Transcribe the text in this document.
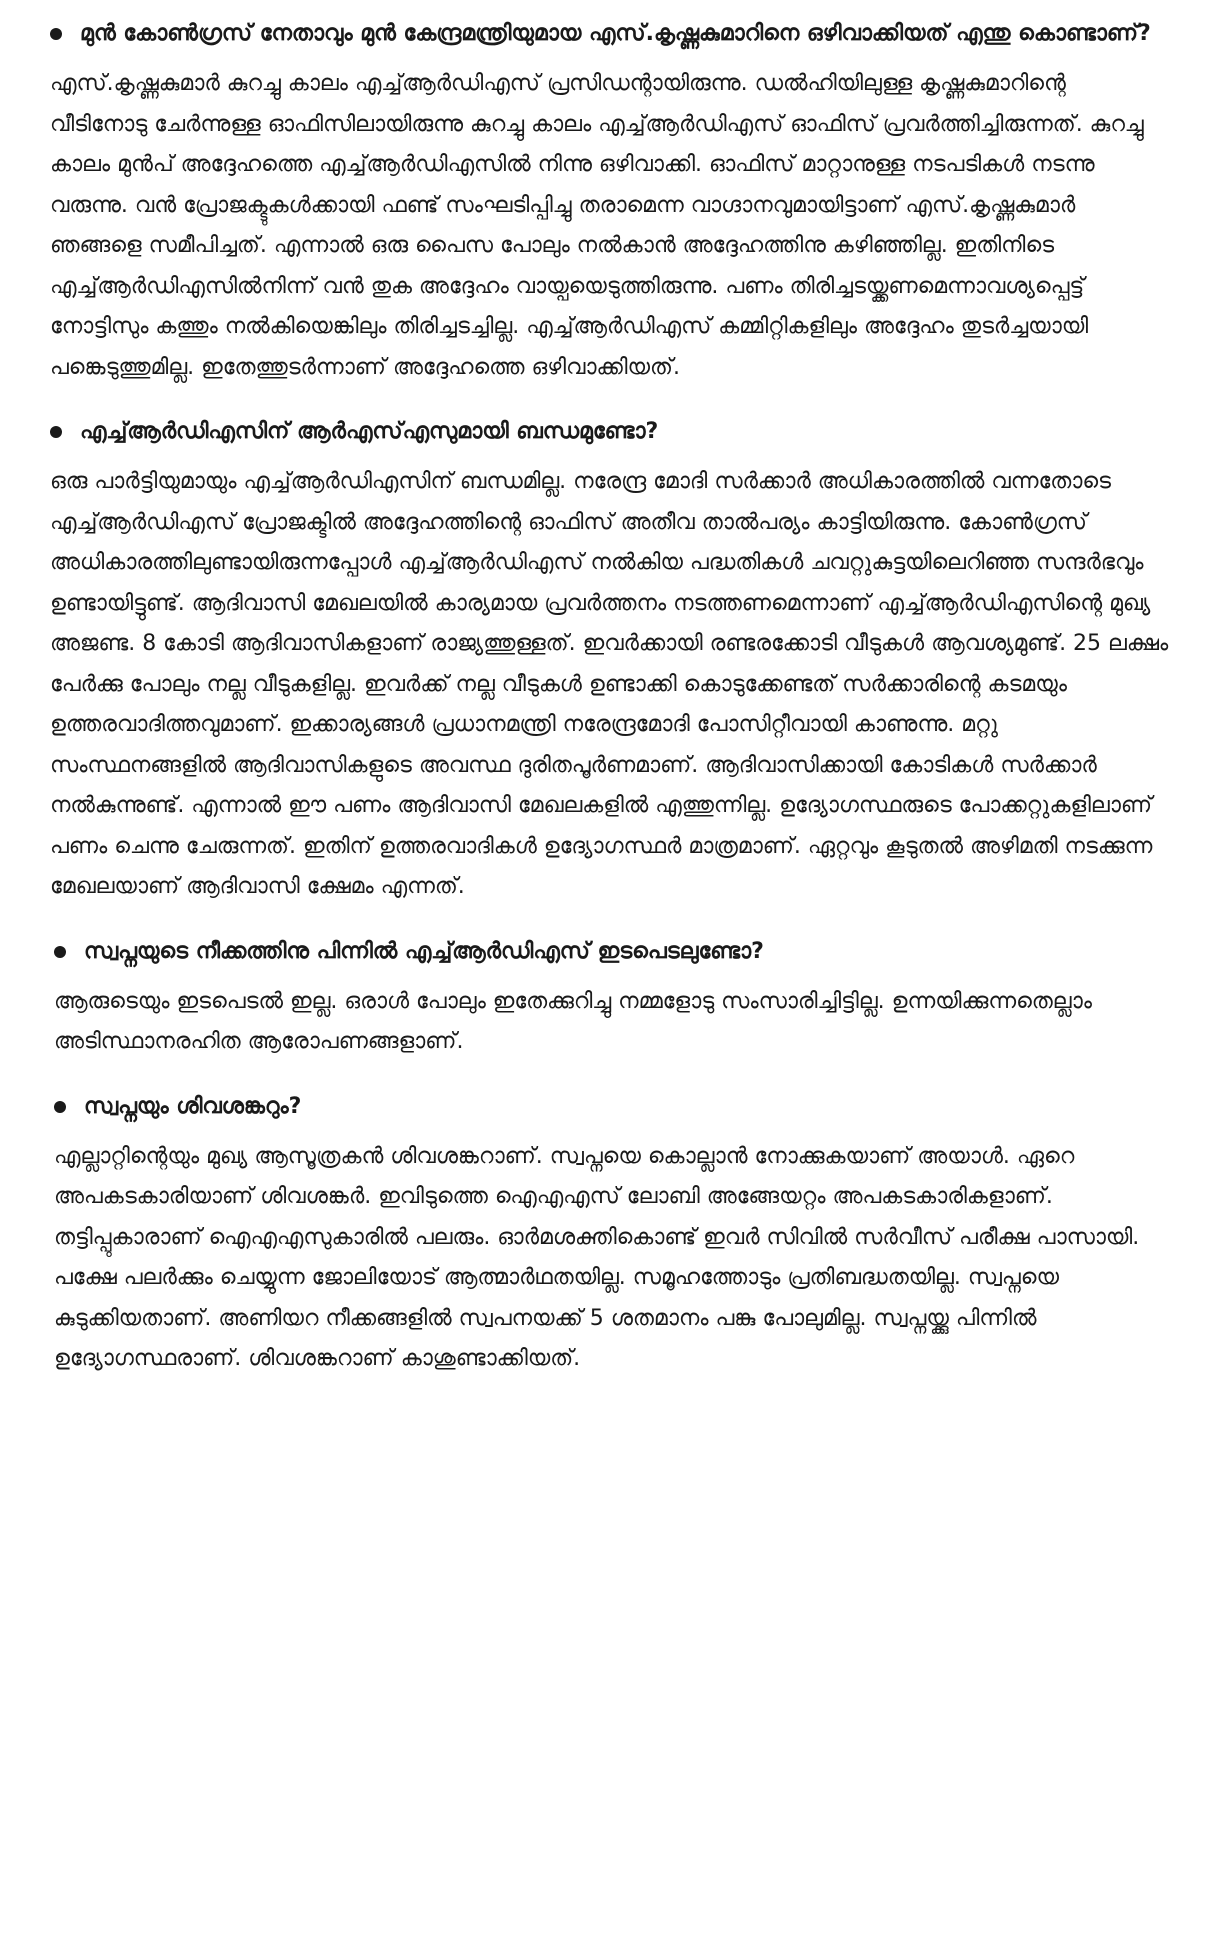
മുൻ കോൺഗ്രസ് നേതാവും മുൻ കേന്ദ്രമന്ത്രിയുമായ എസ്.കൃഷ്ണകുമാറിനെ ഒഴിവാക്കിയത് എന്തു കൊണ്ടാണ്?

എസ്.കൃഷ്ണകുമാർ കുറച്ചു കാലം എച്ച്ആർഡിഎസ് പ്രസിഡന്റായിരുന്നു. ഡൽഹിയിലുള്ള കൃഷ്ണകുമാറിന്റെ വീടിനോടു ചേർന്നുള്ള ഓഫിസിലായിരുന്നു കുറച്ചു കാലം എച്ച്ആർഡിഎസ് ഓഫിസ് പ്രവർത്തിച്ചിരുന്നത്. കുറച്ചു കാലം മുൻപ് അദ്ദേഹത്തെ എച്ച്ആർഡിഎസിൽ നിന്നു ഒഴിവാക്കി. ഓഫിസ് മാറ്റാനുള്ള നടപടികൾ നടന്നു വരുന്നു. വൻ പ്രോജക്ടുകൾക്കായി ഫണ്ട് സംഘടിപ്പിച്ചു തരാമെന്ന വാഗ്ദാനവുമായിട്ടാണ് എസ്.കൃഷ്ണകുമാർ ഞങ്ങളെ സമീപിച്ചത്. എന്നാൽ ഒരു പൈസ പോലും നൽകാൻ അദ്ദേഹത്തിനു കഴിഞ്ഞില്ല. ഇതിനിടെ എച്ച്ആർഡിഎസിൽനിന്ന് വൻ തുക അദ്ദേഹം വായ്പയെടുത്തിരുന്നു. പണം തിരിച്ചടയ്ക്കണമെന്നാവശ്യപ്പെട്ട് നോട്ടിസും കത്തും നൽകിയെങ്കിലും തിരിച്ചടച്ചില്ല. എച്ച്ആർഡിഎസ് കമ്മിറ്റികളിലും അദ്ദേഹം തുടർച്ചയായി പങ്കെടുത്തുമില്ല. ഇതേത്തുടർന്നാണ് അദ്ദേഹത്തെ ഒഴിവാക്കിയത്.

എച്ച്ആർഡിഎസിന് ആർഎസ്എസുമായി ബന്ധമുണ്ടോ?

ഒരു പാർട്ടിയുമായും എച്ച്ആർഡിഎസിന് ബന്ധമില്ല. നരേന്ദ്ര മോദി സർക്കാർ അധികാരത്തിൽ വന്നതോടെ എച്ച്ആർഡിഎസ് പ്രോജക്ടിൽ അദ്ദേഹത്തിന്റെ ഓഫിസ് അതീവ താൽപര്യം കാട്ടിയിരുന്നു. കോൺഗ്രസ് അധികാരത്തിലുണ്ടായിരുന്നപ്പോൾ എച്ച്ആർഡിഎസ് നൽകിയ പദ്ധതികൾ ചവറ്റുകുട്ടയിലെറിഞ്ഞ സന്ദർഭവും ഉണ്ടായിട്ടുണ്ട്. ആദിവാസി മേഖലയിൽ കാര്യമായ പ്രവർത്തനം നടത്തണമെന്നാണ് എച്ച്ആർഡിഎസിന്റെ മുഖ്യ അജണ്ട. 8 കോടി ആദിവാസികളാണ് രാജ്യത്തുള്ളത്. ഇവർക്കായി രണ്ടരക്കോടി വീടുകൾ ആവശ്യമുണ്ട്. 25 ലക്ഷം പേർക്കു പോലും നല്ല വീടുകളില്ല. ഇവർക്ക് നല്ല വീടുകൾ ഉണ്ടാക്കി കൊടുക്കേണ്ടത് സർക്കാരിന്റെ കടമയും ഉത്തരവാദിത്തവുമാണ്. ഇക്കാര്യങ്ങൾ പ്രധാനമന്ത്രി നരേന്ദ്രമോദി പോസിറ്റീവായി കാണുന്നു. മറ്റു സംസ്ഥനങ്ങളിൽ ആദിവാസികളുടെ അവസ്ഥ ദുരിതപൂർണമാണ്. ആദിവാസിക്കായി കോടികൾ സർക്കാർ നൽകുന്നുണ്ട്. എന്നാൽ ഈ പണം ആദിവാസി മേഖലകളിൽ എത്തുന്നില്ല. ഉദ്യോഗസ്ഥരുടെ പോക്കറ്റുകളിലാണ് പണം ചെന്നു ചേരുന്നത്. ഇതിന് ഉത്തരവാദികൾ ഉദ്യോഗസ്ഥർ മാത്രമാണ്. ഏറ്റവും കൂടുതൽ അഴിമതി നടക്കുന്ന മേഖലയാണ് ആദിവാസി ക്ഷേമം എന്നത്.

സ്വപ്നയുടെ നീക്കത്തിനു പിന്നിൽ എച്ച്ആർഡിഎസ് ഇടപെടലുണ്ടോ?

ആരുടെയും ഇടപെടൽ ഇല്ല. ഒരാൾ പോലും ഇതേക്കുറിച്ചു നമ്മളോടു സംസാരിച്ചിട്ടില്ല. ഉന്നയിക്കുന്നതെല്ലാം അടിസ്ഥാനരഹിത ആരോപണങ്ങളാണ്.

സ്വപ്നയും ശിവശങ്കറും?

എല്ലാറ്റിന്റെയും മുഖ്യ ആസൂത്രകൻ ശിവശങ്കറാണ്. സ്വപ്നയെ കൊല്ലാൻ നോക്കുകയാണ് അയാൾ. ഏറെ അപകടകാരിയാണ് ശിവശങ്കർ. ഇവിടുത്തെ ഐഎഎസ് ലോബി അങ്ങേയറ്റം അപകടകാരികളാണ്. തട്ടിപ്പുകാരാണ് ഐഎഎസുകാരിൽ പലരും. ഓർമശക്തികൊണ്ട് ഇവർ സിവിൽ സർവീസ് പരീക്ഷ പാസായി. പക്ഷേ പലർക്കും ചെയ്യുന്ന ജോലിയോട് ആത്മാർഥതയില്ല. സമൂഹത്തോടും പ്രതിബദ്ധതയില്ല. സ്വപ്നയെ കുടുക്കിയതാണ്. അണിയറ നീക്കങ്ങളിൽ സ്വപനയക്ക് 5 ശതമാനം പങ്കു പോലുമില്ല. സ്വപ്നയ്ക്കു പിന്നിൽ ഉദ്യോഗസ്ഥരാണ്. ശിവശങ്കറാണ് കാശുണ്ടാക്കിയത്.
